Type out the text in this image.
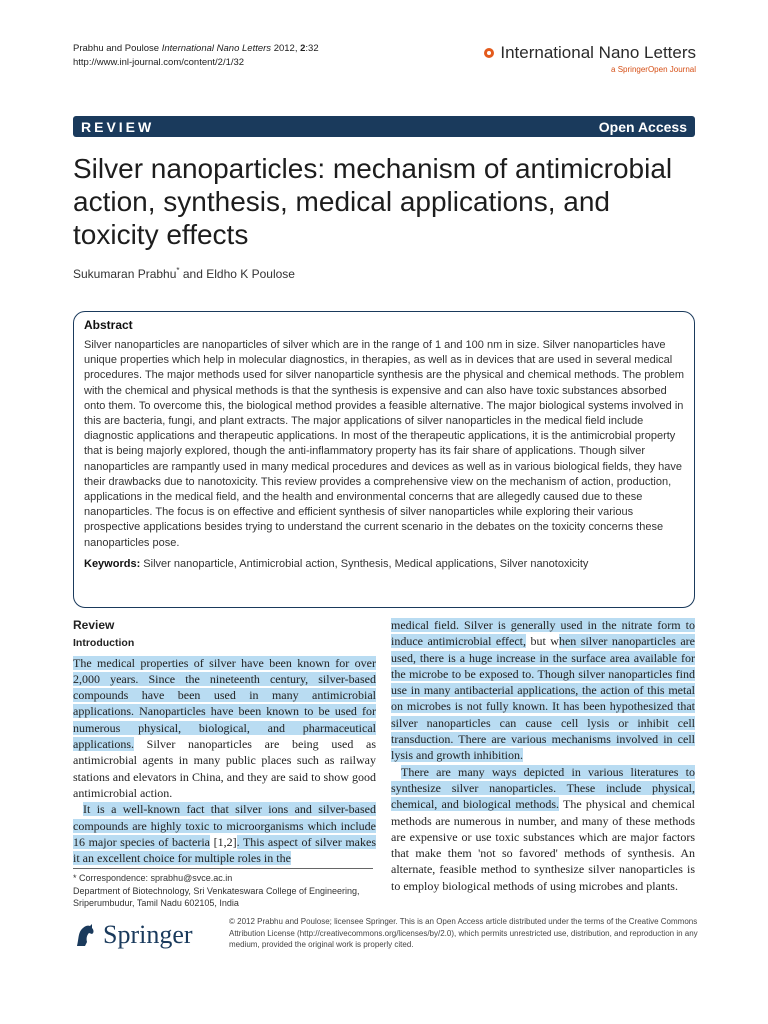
Prabhu and Poulose International Nano Letters 2012, 2:32
http://www.inl-journal.com/content/2/1/32
International Nano Letters
a SpringerOpen Journal
REVIEW	Open Access
Silver nanoparticles: mechanism of antimicrobial action, synthesis, medical applications, and toxicity effects
Sukumaran Prabhu* and Eldho K Poulose
Abstract
Silver nanoparticles are nanoparticles of silver which are in the range of 1 and 100 nm in size. Silver nanoparticles have unique properties which help in molecular diagnostics, in therapies, as well as in devices that are used in several medical procedures. The major methods used for silver nanoparticle synthesis are the physical and chemical methods. The problem with the chemical and physical methods is that the synthesis is expensive and can also have toxic substances absorbed onto them. To overcome this, the biological method provides a feasible alternative. The major biological systems involved in this are bacteria, fungi, and plant extracts. The major applications of silver nanoparticles in the medical field include diagnostic applications and therapeutic applications. In most of the therapeutic applications, it is the antimicrobial property that is being majorly explored, though the anti-inflammatory property has its fair share of applications. Though silver nanoparticles are rampantly used in many medical procedures and devices as well as in various biological fields, they have their drawbacks due to nanotoxicity. This review provides a comprehensive view on the mechanism of action, production, applications in the medical field, and the health and environmental concerns that are allegedly caused due to these nanoparticles. The focus is on effective and efficient synthesis of silver nanoparticles while exploring their various prospective applications besides trying to understand the current scenario in the debates on the toxicity concerns these nanoparticles pose.
Keywords: Silver nanoparticle, Antimicrobial action, Synthesis, Medical applications, Silver nanotoxicity
Review
Introduction

The medical properties of silver have been known for over 2,000 years. Since the nineteenth century, silver-based compounds have been used in many antimicrobial applications. Nanoparticles have been known to be used for numerous physical, biological, and pharmaceutical applications. Silver nanoparticles are being used as antimicrobial agents in many public places such as railway stations and elevators in China, and they are said to show good antimicrobial action.

It is a well-known fact that silver ions and silver-based compounds are highly toxic to microorganisms which include 16 major species of bacteria [1,2]. This aspect of silver makes it an excellent choice for multiple roles in the

medical field. Silver is generally used in the nitrate form to induce antimicrobial effect, but when silver nanoparticles are used, there is a huge increase in the surface area available for the microbe to be exposed to. Though silver nanoparticles find use in many antibacterial applications, the action of this metal on microbes is not fully known. It has been hypothesized that silver nanoparticles can cause cell lysis or inhibit cell transduction. There are various mechanisms involved in cell lysis and growth inhibition.

There are many ways depicted in various literatures to synthesize silver nanoparticles. These include physical, chemical, and biological methods. The physical and chemical methods are numerous in number, and many of these methods are expensive or use toxic substances which are major factors that make them 'not so favored' methods of synthesis. An alternate, feasible method to synthesize silver nanoparticles is to employ biological methods of using microbes and plants.

* Correspondence: sprabhu@svce.ac.in
Department of Biotechnology, Sri Venkateswara College of Engineering, Sriperumbudur, Tamil Nadu 602105, India
Springer	© 2012 Prabhu and Poulose; licensee Springer. This is an Open Access article distributed under the terms of the Creative Commons Attribution License (http://creativecommons.org/licenses/by/2.0), which permits unrestricted use, distribution, and reproduction in any medium, provided the original work is properly cited.
